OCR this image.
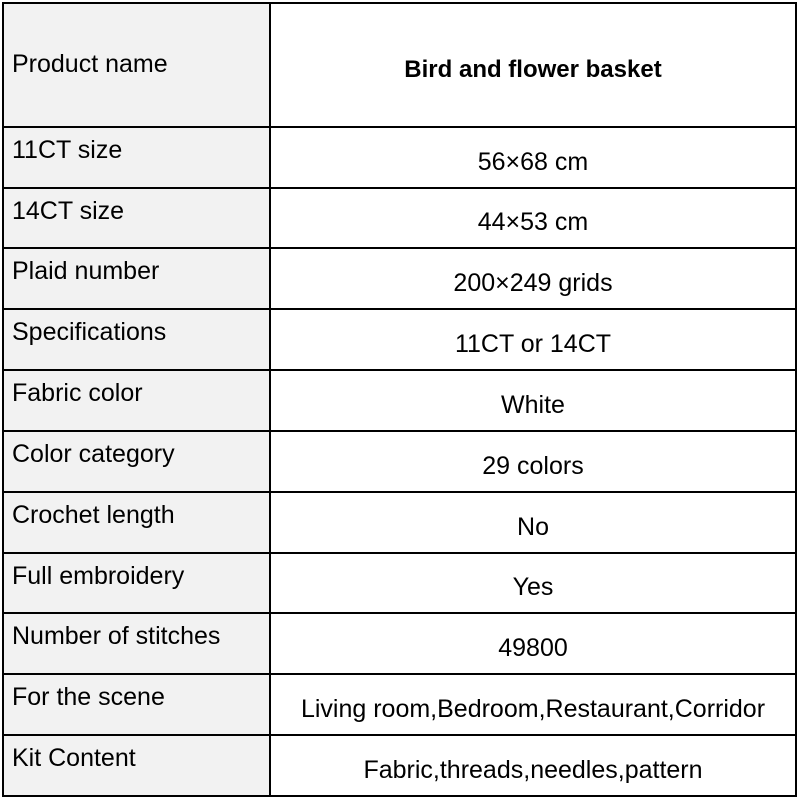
Product name	Bird and flower basket
11CT size	56×68 cm
14CT size	44×53 cm
Plaid number	200×249 grids
Specifications	11CT or 14CT
Fabric color	White
Color category	29 colors
Crochet length	No
Full embroidery	Yes
Number of stitches	49800
For the scene	Living room,Bedroom,Restaurant,Corridor
Kit Content	Fabric,threads,needles,pattern
